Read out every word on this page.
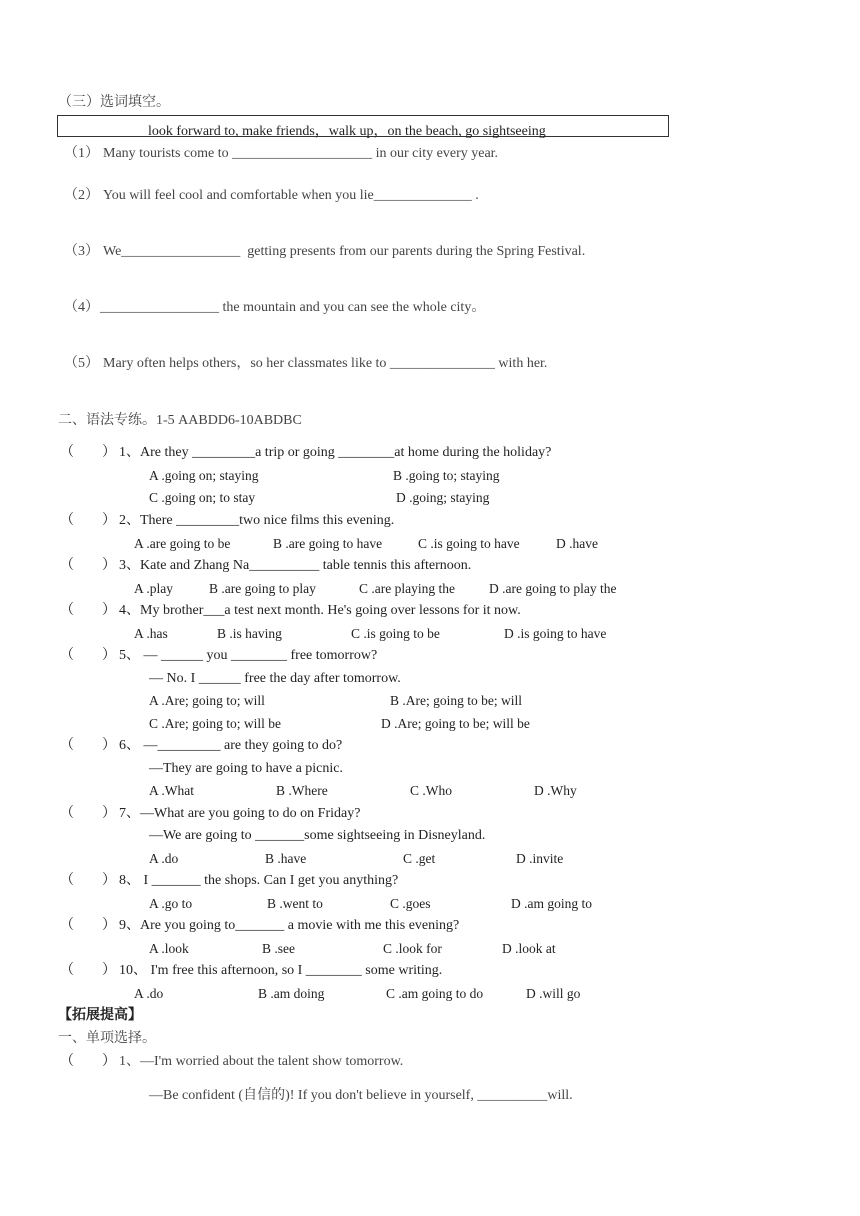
（三）选词填空。
look forward to, make friends，walk up，on the beach, go sightseeing
（1） Many tourists come to ____________________ in our city every year.
（2） You will feel cool and comfortable when you lie______________ .
（3） We_________________  getting presents from our parents during the Spring Festival.
（4） _________________ the mountain and you can see the whole city。
（5） Mary often helps others，so her classmates like to _______________ with her.
二、语法专练。1-5 AABDD6-10ABDBC
（　　） 1、Are they _________a trip or going ________at home during the holiday?
A .going on; staying	B .going to; staying
C .going on; to stay	D .going; staying
（　　） 2、There _________two nice films this evening.
A .are going to be	B .are going to have	C .is going to have	D .have
（　　） 3、Kate and Zhang Na__________ table tennis this afternoon.
A .play	B .are going to play	C .are playing the	D .are going to play the
（　　） 4、My brother___a test next month. He's going over lessons for it now.
A .has	B .is having	C .is going to be	D .is going to have
（　　） 5、 — ______ you ________ free tomorrow?
— No. I ______ free the day after tomorrow.
A .Are; going to; will	B .Are; going to be; will
C .Are; going to; will be	D .Are; going to be; will be
（　　） 6、 —_________ are they going to do?
—They are going to have a picnic.
A .What	B .Where	C .Who	D .Why
（　　） 7、—What are you going to do on Friday?
—We are going to _______some sightseeing in Disneyland.
A .do	B .have	C .get	D .invite
（　　） 8、 I _______ the shops. Can I get you anything?
A .go to	B .went to	C .goes	D .am going to
（　　） 9、Are you going to_______ a movie with me this evening?
A .look	B .see	C .look for	D .look at
（　　） 10、 I'm free this afternoon, so I ________ some writing.
A .do	B .am doing	C .am going to do	D .will go
【拓展提高】
一、单项选择。
（　　） 1、—I'm worried about the talent show tomorrow.
—Be confident (自信的)! If you don't believe in yourself, __________will.
